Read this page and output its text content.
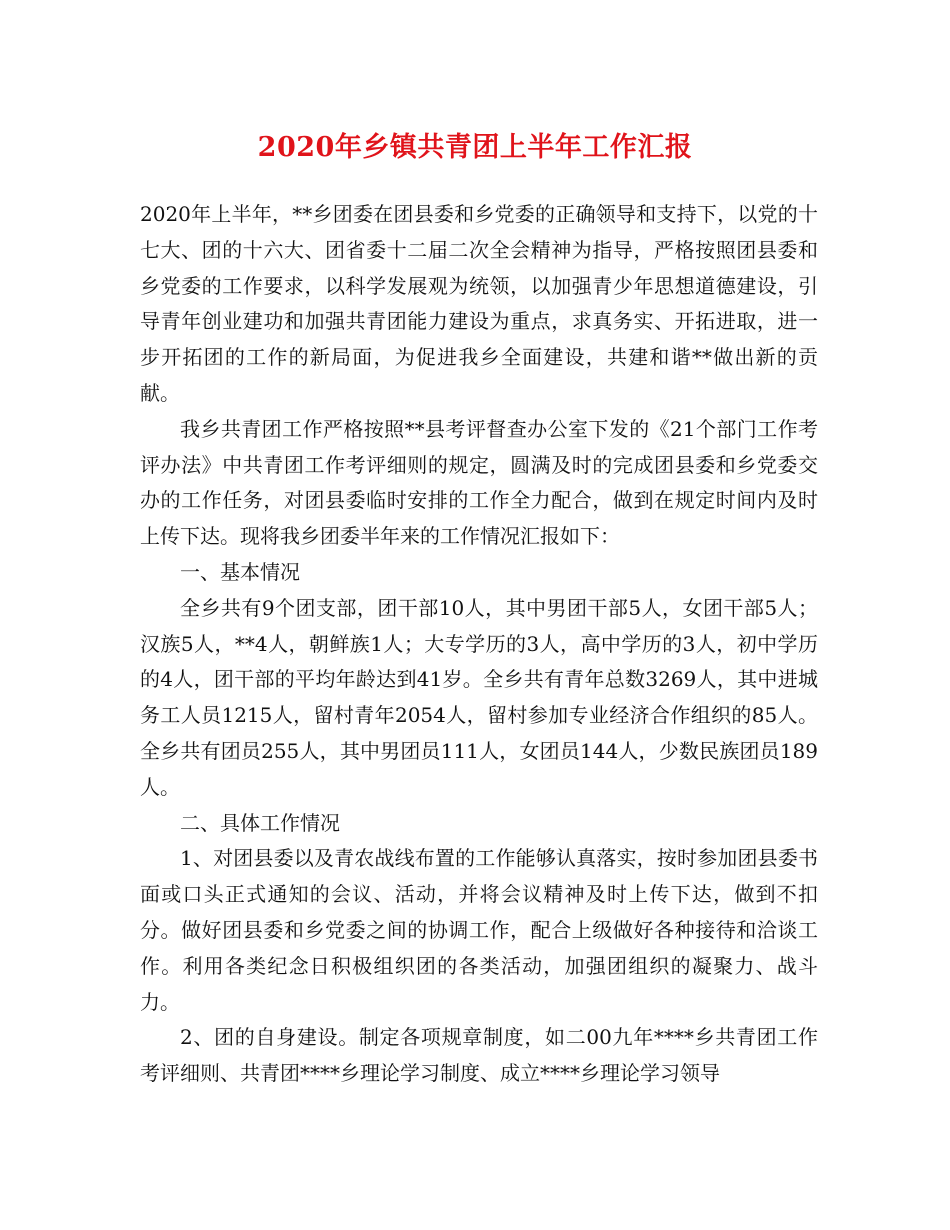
2020年乡镇共青团上半年工作汇报

2020年上半年，**乡团委在团县委和乡党委的正确领导和支持下，以党的十七大、团的十六大、团省委十二届二次全会精神为指导，严格按照团县委和乡党委的工作要求，以科学发展观为统领，以加强青少年思想道德建设，引导青年创业建功和加强共青团能力建设为重点，求真务实、开拓进取，进一步开拓团的工作的新局面，为促进我乡全面建设，共建和谐**做出新的贡献。

我乡共青团工作严格按照**县考评督查办公室下发的《21个部门工作考评办法》中共青团工作考评细则的规定，圆满及时的完成团县委和乡党委交办的工作任务，对团县委临时安排的工作全力配合，做到在规定时间内及时上传下达。现将我乡团委半年来的工作情况汇报如下：

一、基本情况

全乡共有9个团支部，团干部10人，其中男团干部5人，女团干部5人；汉族5人，**4人，朝鲜族1人；大专学历的3人，高中学历的3人，初中学历的4人，团干部的平均年龄达到41岁。全乡共有青年总数3269人，其中进城务工人员1215人，留村青年2054人，留村参加专业经济合作组织的85人。全乡共有团员255人，其中男团员111人，女团员144人，少数民族团员189人。

二、具体工作情况

1、对团县委以及青农战线布置的工作能够认真落实，按时参加团县委书面或口头正式通知的会议、活动，并将会议精神及时上传下达，做到不扣分。做好团县委和乡党委之间的协调工作，配合上级做好各种接待和洽谈工作。利用各类纪念日积极组织团的各类活动，加强团组织的凝聚力、战斗力。

2、团的自身建设。制定各项规章制度，如二00九年****乡共青团工作考评细则、共青团****乡理论学习制度、成立****乡理论学习领导
